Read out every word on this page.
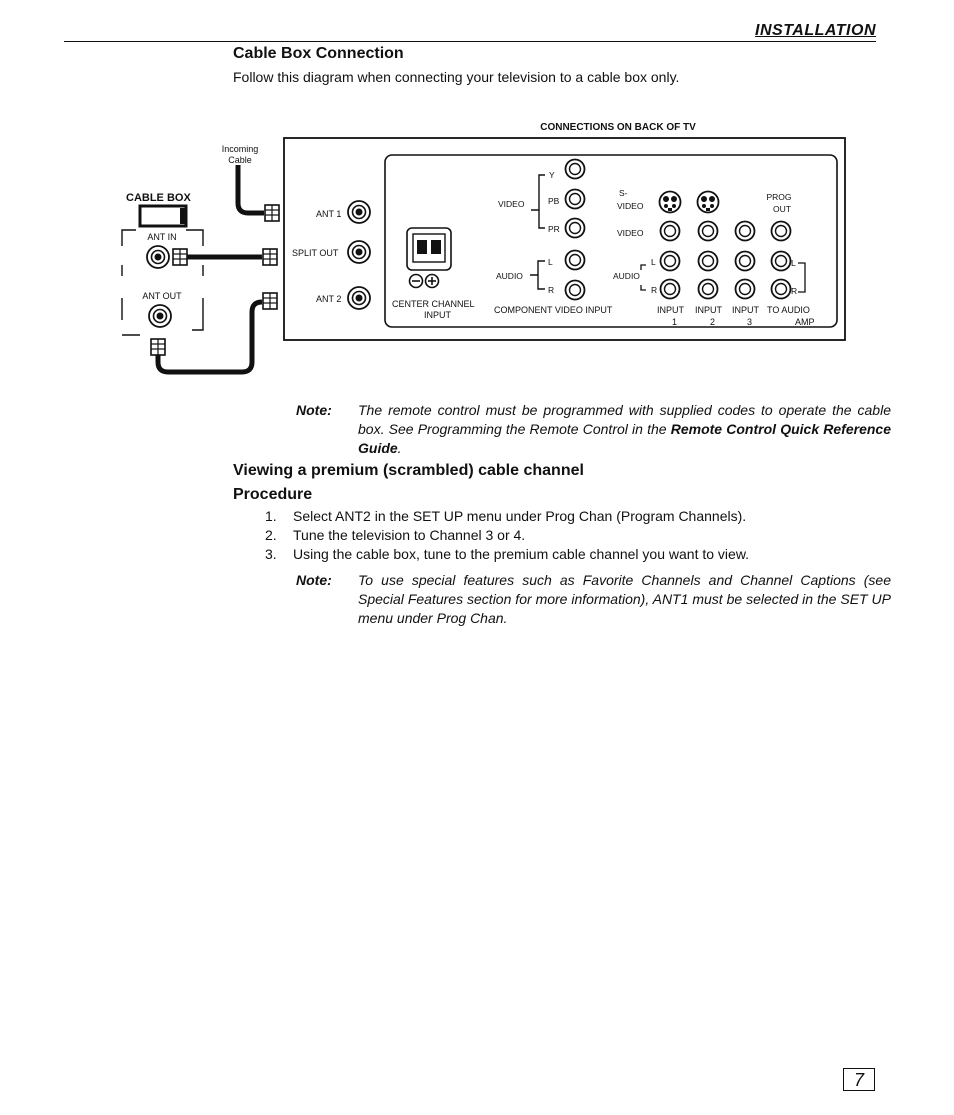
INSTALLATION
Cable Box Connection
Follow this diagram when connecting your television to a cable box only.
CONNECTIONS ON BACK OF TV
Incoming
Cable
CABLE BOX
ANT IN
ANT OUT
ANT 1
SPLIT OUT
ANT 2	CENTER CHANNEL
INPUT
VIDEO
Y
PB
PR
AUDIO
L
R
COMPONENT VIDEO INPUT
S-
VIDEO
PROG
OUT
VIDEO
L	L
AUDIO
R	R
INPUT INPUT INPUT TO AUDIO
1	2	3	AMP
Note: The remote control must be programmed with supplied codes to operate the cable box. See Programming the Remote Control in the Remote Control Quick Reference Guide.
Viewing a premium (scrambled) cable channel
Procedure
1.	Select ANT2 in the SET UP menu under Prog Chan (Program Channels).
2.	Tune the television to Channel 3 or 4.
3.	Using the cable box, tune to the premium cable channel you want to view.
Note: To use special features such as Favorite Channels and Channel Captions (see Special Features section for more information), ANT1 must be selected in the SET UP menu under Prog Chan.
7
